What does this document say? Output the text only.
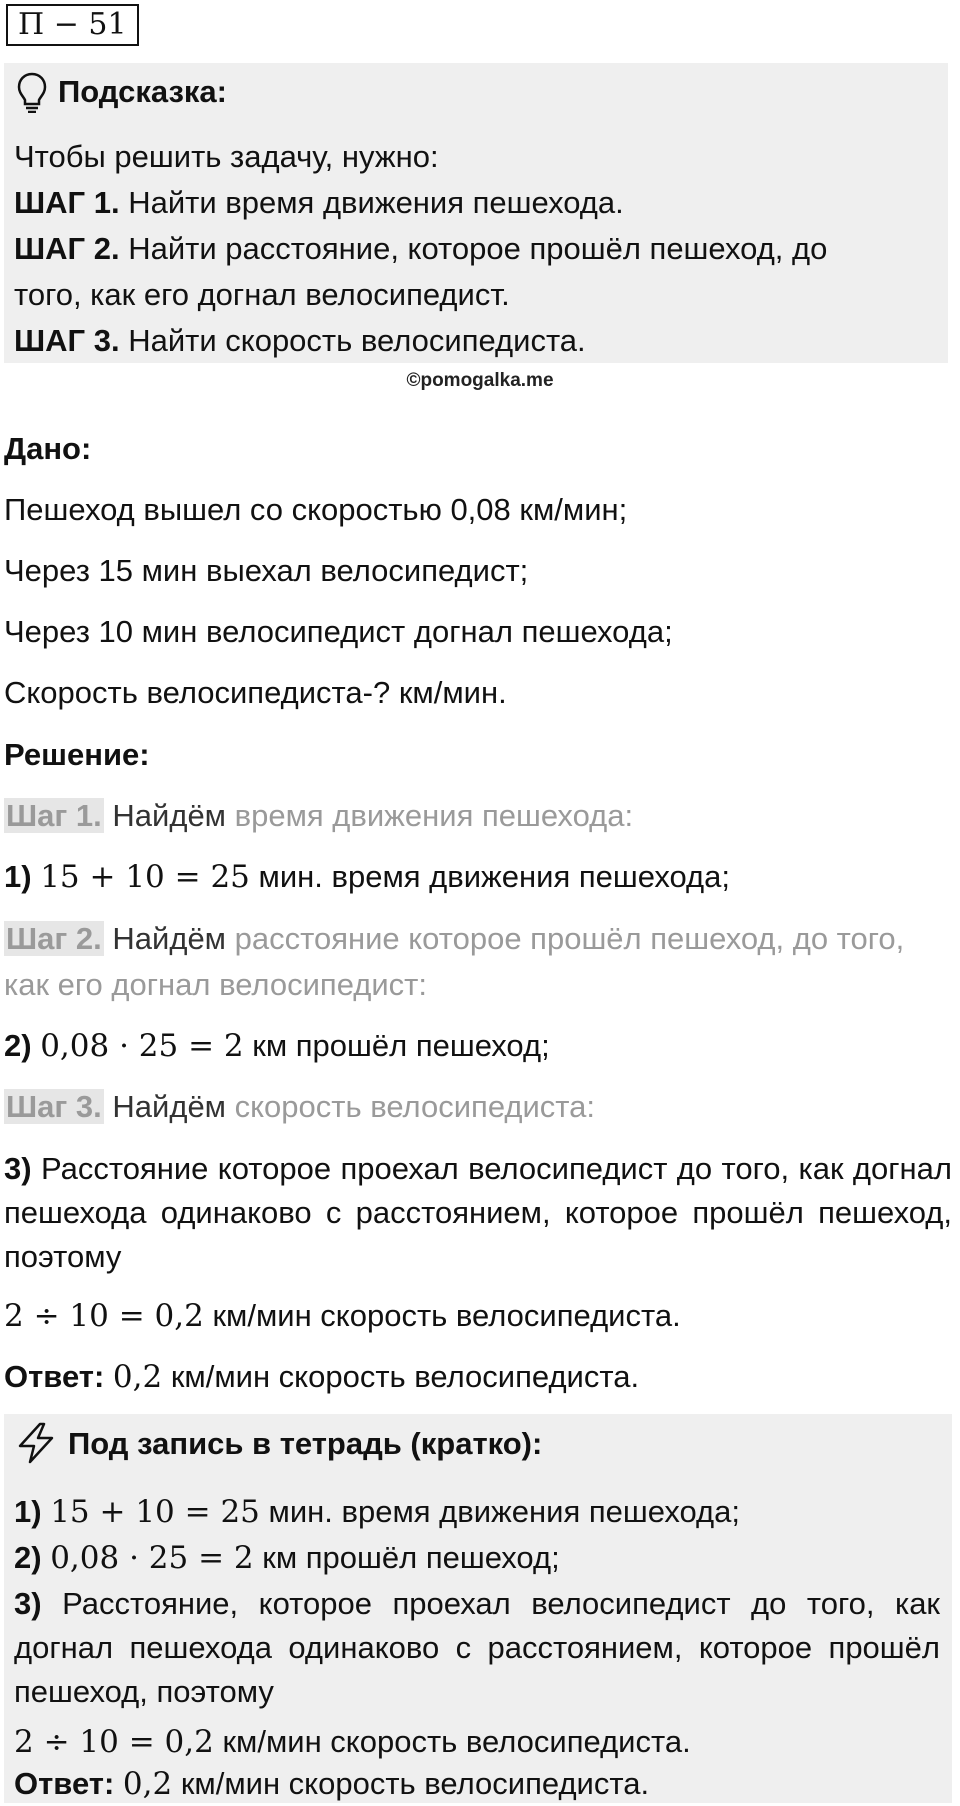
П − 51
Подсказка:
Чтобы решить задачу, нужно:
ШАГ 1. Найти время движения пешехода.
ШАГ 2. Найти расстояние, которое прошёл пешеход, до
того, как его догнал велосипедист.
ШАГ 3. Найти скорость велосипедиста.
©pomogalka.me
Дано:
Пешеход вышел со скоростью 0,08 км/мин;
Через 15 мин выехал велосипедист;
Через 10 мин велосипедист догнал пешехода;
Скорость велосипедиста-? км/мин.
Решение:
Шаг 1. Найдём время движения пешехода:
1) 15 + 10 = 25 мин. время движения пешехода;
Шаг 2. Найдём расстояние которое прошёл пешеход, до того,
как его догнал велосипедист:
2) 0,08 · 25 = 2 км прошёл пешеход;
Шаг 3. Найдём скорость велосипедиста:
3) Расстояние которое проехал велосипедист до того, как догнал пешехода одинаково с расстоянием, которое прошёл пешеход, поэтому
2 ÷ 10 = 0,2 км/мин скорость велосипедиста.
Ответ: 0,2 км/мин скорость велосипедиста.
Под запись в тетрадь (кратко):
1) 15 + 10 = 25 мин. время движения пешехода;
2) 0,08 · 25 = 2 км прошёл пешеход;
3) Расстояние, которое проехал велосипедист до того, как догнал пешехода одинаково с расстоянием, которое прошёл пешеход, поэтому
2 ÷ 10 = 0,2 км/мин скорость велосипедиста.
Ответ: 0,2 км/мин скорость велосипедиста.
